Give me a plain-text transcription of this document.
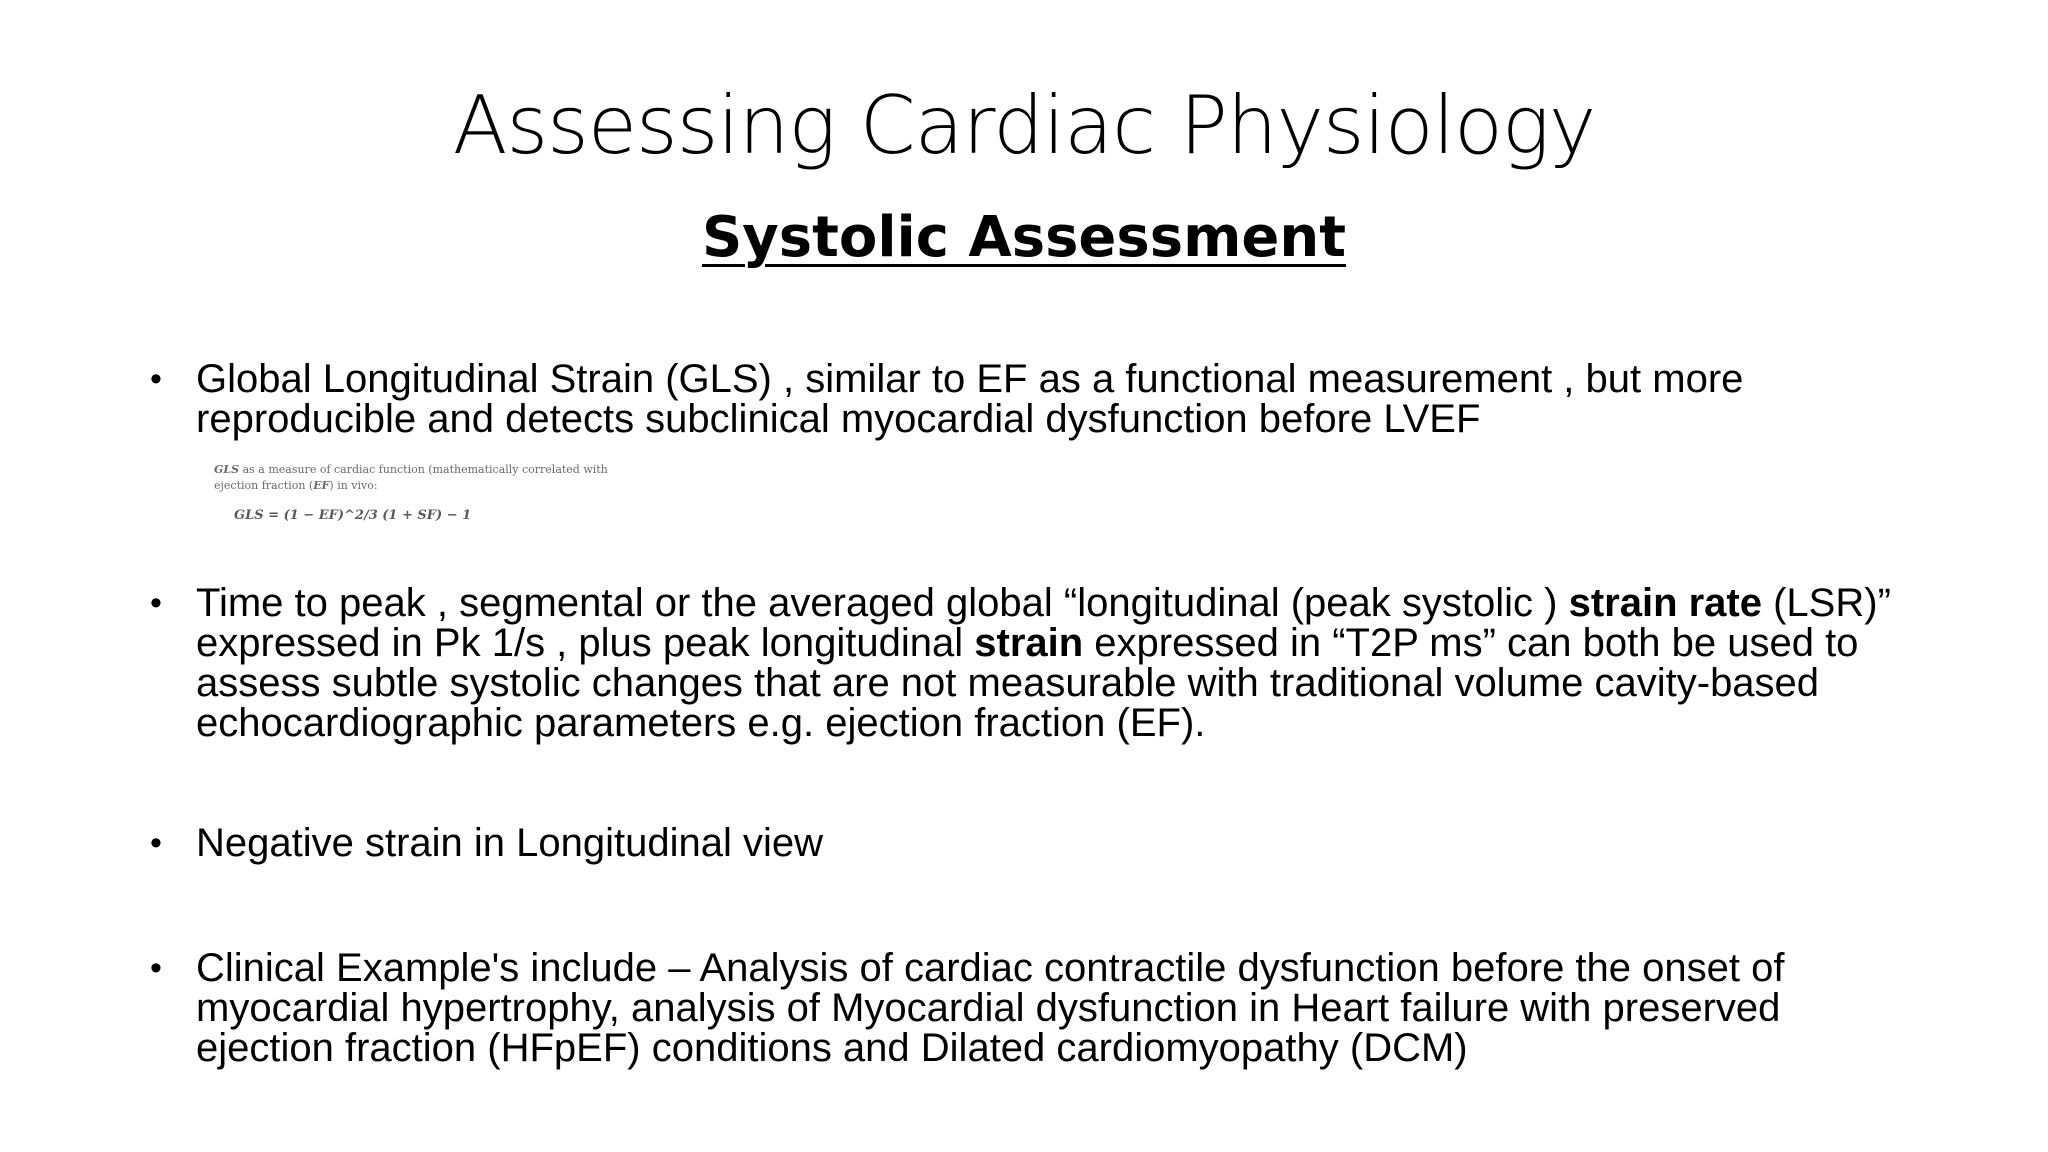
Assessing Cardiac Physiology
Systolic Assessment
• Global Longitudinal Strain (GLS) , similar to EF as a functional measurement , but more reproducible and detects subclinical myocardial dysfunction before LVEF

GLS as a measure of cardiac function (mathematically correlated with ejection fraction (EF) in vivo:

GLS = (1 − EF)^2/3 (1 + SF) − 1

• Time to peak , segmental or the averaged global “longitudinal (peak systolic ) strain rate (LSR)” expressed in Pk 1/s , plus peak longitudinal strain expressed in “T2P ms” can both be used to assess subtle systolic changes that are not measurable with traditional volume cavity-based echocardiographic parameters e.g. ejection fraction (EF).
• Negative strain in Longitudinal view
• Clinical Example's include – Analysis of cardiac contractile dysfunction before the onset of myocardial hypertrophy, analysis of Myocardial dysfunction in Heart failure with preserved ejection fraction (HFpEF) conditions and Dilated cardiomyopathy (DCM)
